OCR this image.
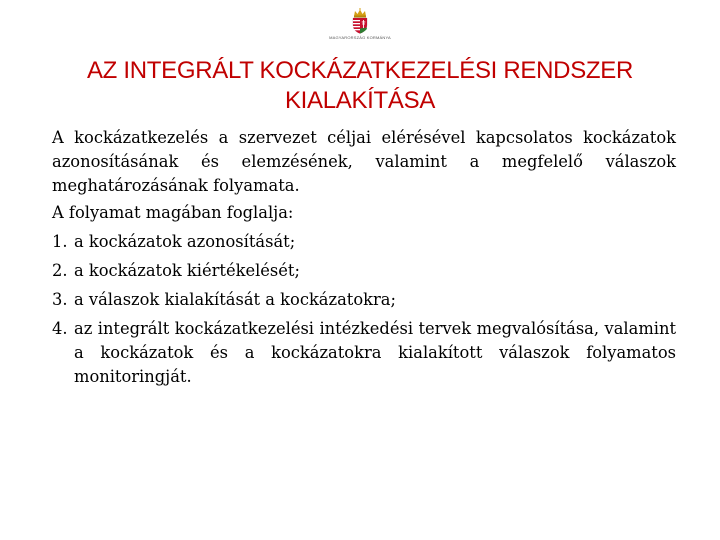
MAGYARORSZÁG KORMÁNYA
AZ INTEGRÁLT KOCKÁZATKEZELÉSI RENDSZER KIALAKÍTÁSA

A kockázatkezelés a szervezet céljai elérésével kapcsolatos kockázatok azonosításának és elemzésének, valamint a megfelelő válaszok meghatározásának folyamata.

A folyamat magában foglalja:

1. a kockázatok azonosítását;
2. a kockázatok kiértékelését;
3. a válaszok kialakítását a kockázatokra;
4. az integrált kockázatkezelési intézkedési tervek megvalósítása, valamint a kockázatok és a kockázatokra kialakított válaszok folyamatos monitoringját.
